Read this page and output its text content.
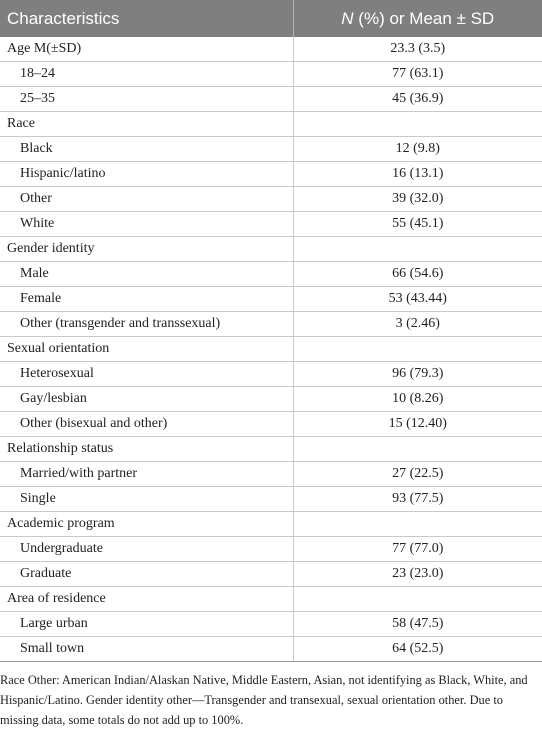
Characteristics	N (%) or Mean ± SD
Age M(±SD)	23.3 (3.5)
18–24	77 (63.1)
25–35	45 (36.9)
Race	
Black	12 (9.8)
Hispanic/latino	16 (13.1)
Other	39 (32.0)
White	55 (45.1)
Gender identity	
Male	66 (54.6)
Female	53 (43.44)
Other (transgender and transsexual)	3 (2.46)
Sexual orientation	
Heterosexual	96 (79.3)
Gay/lesbian	10 (8.26)
Other (bisexual and other)	15 (12.40)
Relationship status	
Married/with partner	27 (22.5)
Single	93 (77.5)
Academic program	
Undergraduate	77 (77.0)
Graduate	23 (23.0)
Area of residence	
Large urban	58 (47.5)
Small town	64 (52.5)

Race Other: American Indian/Alaskan Native, Middle Eastern, Asian, not identifying as Black, White, and Hispanic/Latino. Gender identity other—Transgender and transexual, sexual orientation other. Due to missing data, some totals do not add up to 100%.
